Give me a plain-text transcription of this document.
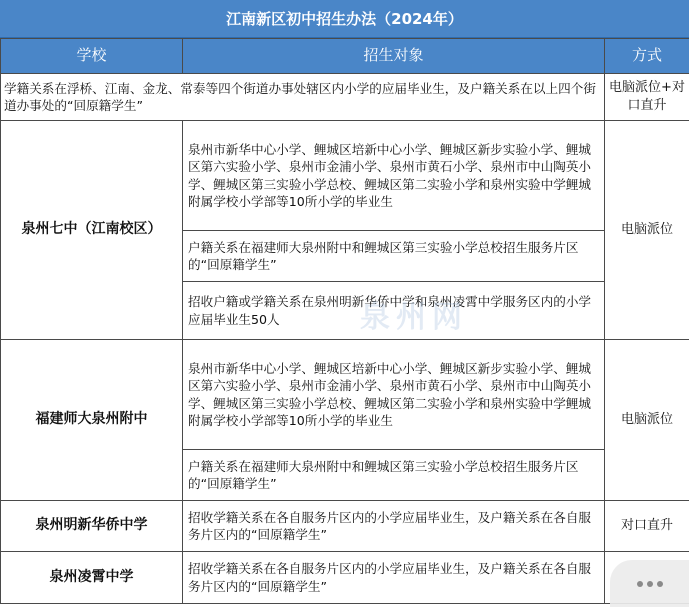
江南新区初中招生办法（2024年）
学校	招生对象	方式
学籍关系在浮桥、江南、金龙、常泰等四个街道办事处辖区内小学的应届毕业生，及户籍关系在以上四个街道办事处的“回原籍学生”		电脑派位+对口直升
泉州七中（江南校区）	泉州市新华中心小学、鲤城区培新中心小学、鲤城区新步实验小学、鲤城区第六实验小学、泉州市金浦小学、泉州市黄石小学、泉州市中山陶英小学、鲤城区第三实验小学总校、鲤城区第二实验小学和泉州实验中学鲤城附属学校小学部等10所小学的毕业生	电脑派位
	户籍关系在福建师大泉州附中和鲤城区第三实验小学总校招生服务片区的“回原籍学生”	
	招收户籍或学籍关系在泉州明新华侨中学和泉州凌霄中学服务区内的小学应届毕业生50人	
福建师大泉州附中	泉州市新华中心小学、鲤城区培新中心小学、鲤城区新步实验小学、鲤城区第六实验小学、泉州市金浦小学、泉州市黄石小学、泉州市中山陶英小学、鲤城区第三实验小学总校、鲤城区第二实验小学和泉州实验中学鲤城附属学校小学部等10所小学的毕业生	电脑派位
	户籍关系在福建师大泉州附中和鲤城区第三实验小学总校招生服务片区的“回原籍学生”	
泉州明新华侨中学	招收学籍关系在各自服务片区内的小学应届毕业生，及户籍关系在各自服务片区内的“回原籍学生”	对口直升
泉州凌霄中学	招收学籍关系在各自服务片区内的小学应届毕业生，及户籍关系在各自服务片区内的“回原籍学生”	
泉州网
